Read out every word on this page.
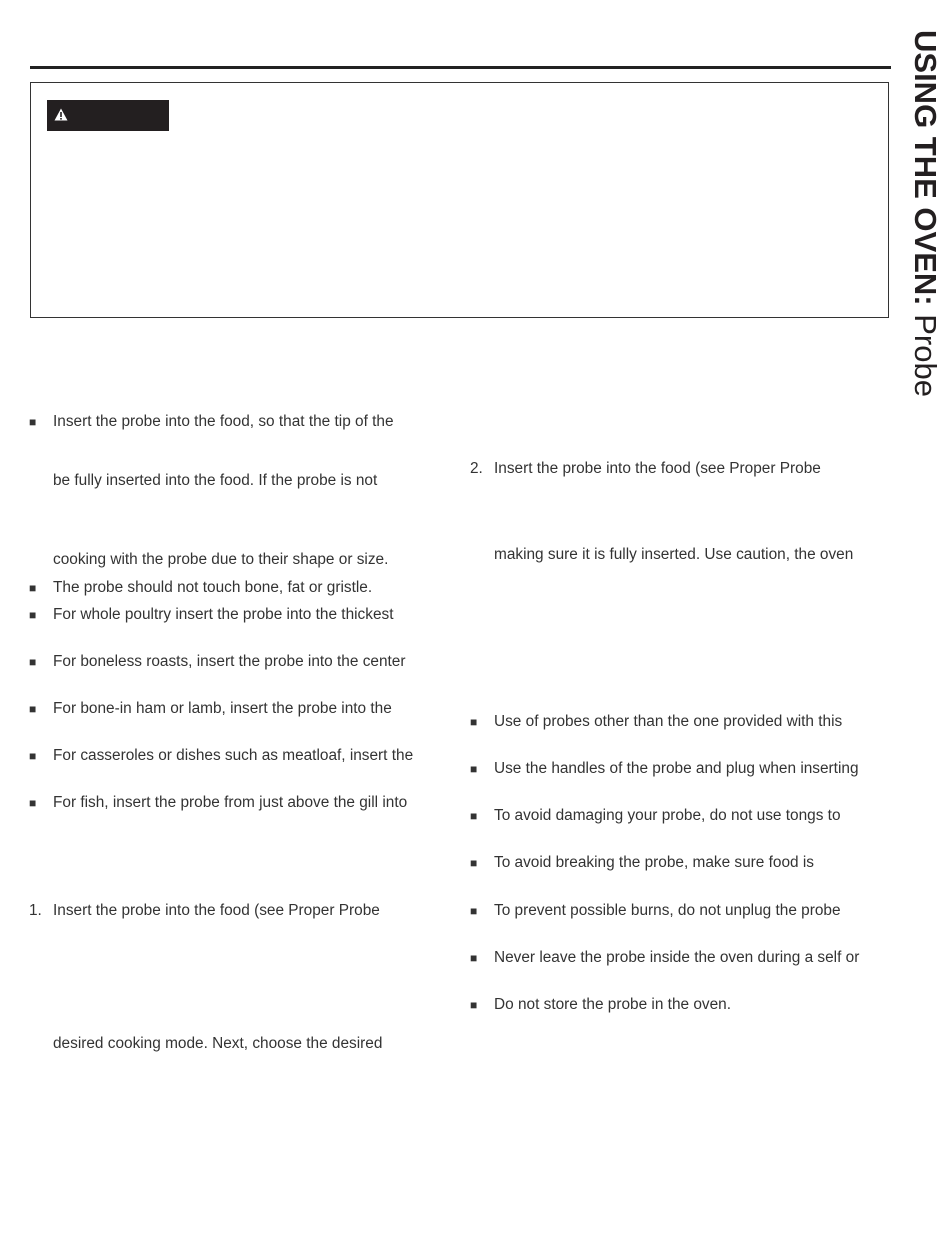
USING THE OVEN: Probe
■ Insert the probe into the food, so that the tip of the
be fully inserted into the food. If the probe is not
cooking with the probe due to their shape or size.
■ The probe should not touch bone, fat or gristle.
■ For whole poultry insert the probe into the thickest
■ For boneless roasts, insert the probe into the center
■ For bone-in ham or lamb, insert the probe into the
■ For casseroles or dishes such as meatloaf, insert the
■ For fish, insert the probe from just above the gill into
1. Insert the probe into the food (see Proper Probe
desired cooking mode. Next, choose the desired
2. Insert the probe into the food (see Proper Probe
making sure it is fully inserted. Use caution, the oven
■ Use of probes other than the one provided with this
■ Use the handles of the probe and plug when inserting
■ To avoid damaging your probe, do not use tongs to
■ To avoid breaking the probe, make sure food is
■ To prevent possible burns, do not unplug the probe
■ Never leave the probe inside the oven during a self or
■ Do not store the probe in the oven.
